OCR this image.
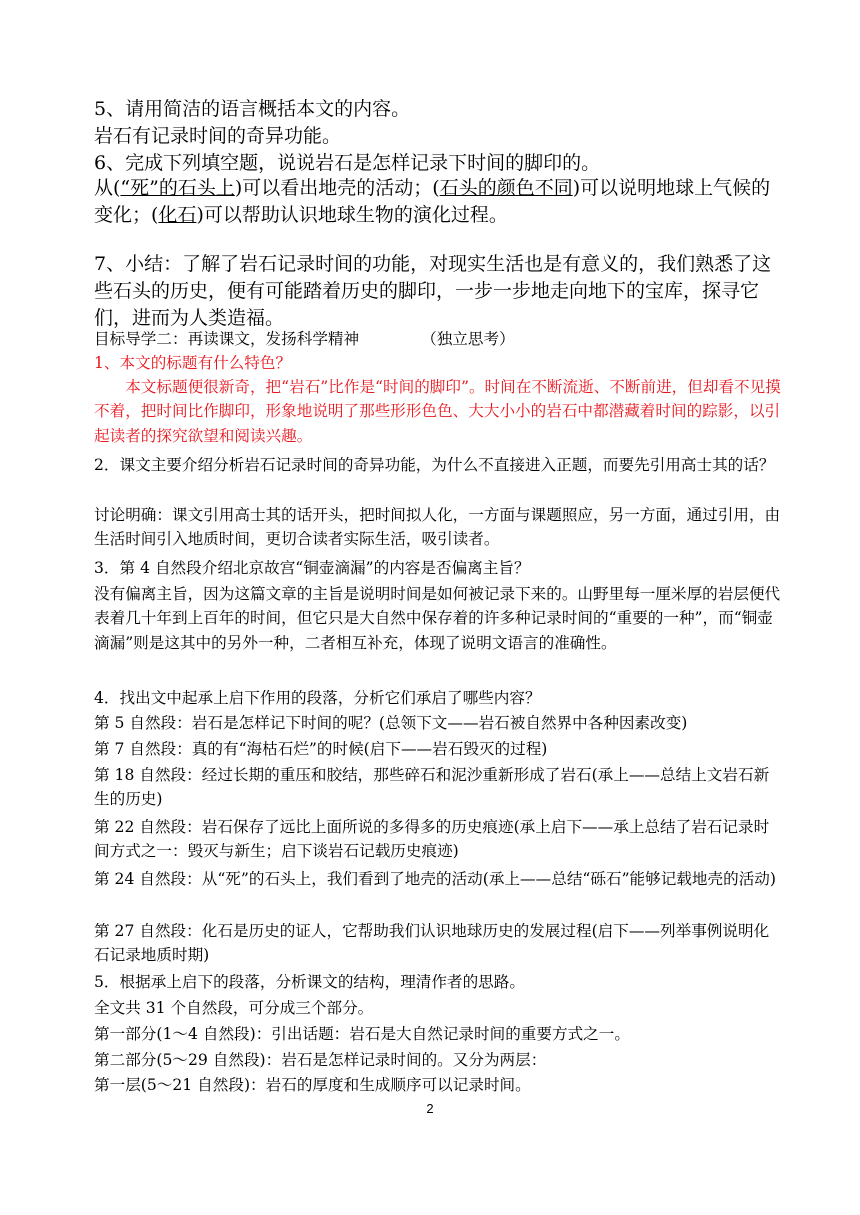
5、请用简洁的语言概括本文的内容。
岩石有记录时间的奇异功能。
6、完成下列填空题，说说岩石是怎样记录下时间的脚印的。
从(“死”的石头上)可以看出地壳的活动；(石头的颜色不同)可以说明地球上气候的变化；(化石)可以帮助认识地球生物的演化过程。
7、小结：了解了岩石记录时间的功能，对现实生活也是有意义的，我们熟悉了这些石头的历史，便有可能踏着历史的脚印，一步一步地走向地下的宝库，探寻它们，进而为人类造福。
目标导学二：再读课文，发扬科学精神	（独立思考）
1、本文的标题有什么特色？
本文标题便很新奇，把“岩石”比作是“时间的脚印”。时间在不断流逝、不断前进，但却看不见摸不着，把时间比作脚印，形象地说明了那些形形色色、大大小小的岩石中都潜藏着时间的踪影，以引起读者的探究欲望和阅读兴趣。
2．课文主要介绍分析岩石记录时间的奇异功能，为什么不直接进入正题，而要先引用高士其的话？
讨论明确：课文引用高士其的话开头，把时间拟人化，一方面与课题照应，另一方面，通过引用，由生活时间引入地质时间，更切合读者实际生活，吸引读者。
3．第 4 自然段介绍北京故宫“铜壶滴漏”的内容是否偏离主旨？
没有偏离主旨，因为这篇文章的主旨是说明时间是如何被记录下来的。山野里每一厘米厚的岩层便代表着几十年到上百年的时间，但它只是大自然中保存着的许多种记录时间的“重要的一种”，而“铜壶滴漏”则是这其中的另外一种，二者相互补充，体现了说明文语言的准确性。
4．找出文中起承上启下作用的段落，分析它们承启了哪些内容？
第 5 自然段：岩石是怎样记下时间的呢？(总领下文——岩石被自然界中各种因素改变)
第 7 自然段：真的有“海枯石烂”的时候(启下——岩石毁灭的过程)
第 18 自然段：经过长期的重压和胶结，那些碎石和泥沙重新形成了岩石(承上——总结上文岩石新生的历史)
第 22 自然段：岩石保存了远比上面所说的多得多的历史痕迹(承上启下——承上总结了岩石记录时间方式之一：毁灭与新生；启下谈岩石记载历史痕迹)
第 24 自然段：从“死”的石头上，我们看到了地壳的活动(承上——总结“砾石”能够记载地壳的活动)
第 27 自然段：化石是历史的证人，它帮助我们认识地球历史的发展过程(启下——列举事例说明化石记录地质时期)
5．根据承上启下的段落，分析课文的结构，理清作者的思路。
全文共 31 个自然段，可分成三个部分。
第一部分(1～4 自然段)：引出话题：岩石是大自然记录时间的重要方式之一。
第二部分(5～29 自然段)：岩石是怎样记录时间的。又分为两层：
第一层(5～21 自然段)：岩石的厚度和生成顺序可以记录时间。
2
